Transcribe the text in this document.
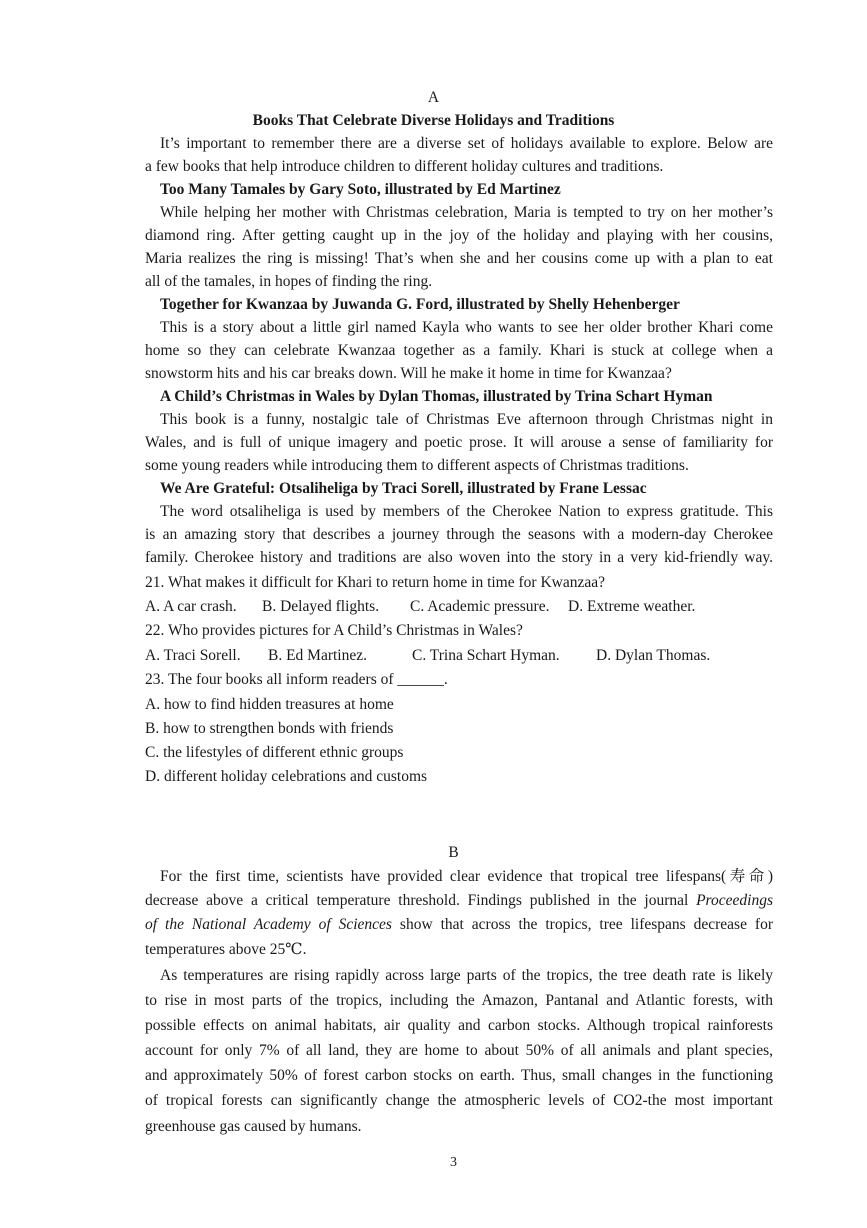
A
Books That Celebrate Diverse Holidays and Traditions
It’s important to remember there are a diverse set of holidays available to explore. Below are
a few books that help introduce children to different holiday cultures and traditions.
Too Many Tamales by Gary Soto, illustrated by Ed Martinez
While helping her mother with Christmas celebration, Maria is tempted to try on her mother’s
diamond ring. After getting caught up in the joy of the holiday and playing with her cousins,
Maria realizes the ring is missing! That’s when she and her cousins come up with a plan to eat
all of the tamales, in hopes of finding the ring.
Together for Kwanzaa by Juwanda G. Ford, illustrated by Shelly Hehenberger
This is a story about a little girl named Kayla who wants to see her older brother Khari come
home so they can celebrate Kwanzaa together as a family. Khari is stuck at college when a
snowstorm hits and his car breaks down. Will he make it home in time for Kwanzaa?
A Child’s Christmas in Wales by Dylan Thomas, illustrated by Trina Schart Hyman
This book is a funny, nostalgic tale of Christmas Eve afternoon through Christmas night in
Wales, and is full of unique imagery and poetic prose. It will arouse a sense of familiarity for
some young readers while introducing them to different aspects of Christmas traditions.
We Are Grateful: Otsaliheliga by Traci Sorell, illustrated by Frane Lessac
The word otsaliheliga is used by members of the Cherokee Nation to express gratitude. This
is an amazing story that describes a journey through the seasons with a modern-day Cherokee
family. Cherokee history and traditions are also woven into the story in a very kid-friendly way.
21. What makes it difficult for Khari to return home in time for Kwanzaa?
A. A car crash. B. Delayed flights. C. Academic pressure. D. Extreme weather.
22. Who provides pictures for A Child’s Christmas in Wales?
A. Traci Sorell. B. Ed Martinez.	C. Trina Schart Hyman. D. Dylan Thomas.
23. The four books all inform readers of ______.
A. how to find hidden treasures at home
B. how to strengthen bonds with friends
C. the lifestyles of different ethnic groups
D. different holiday celebrations and customs
B
For the first time, scientists have provided clear evidence that tropical tree lifespans(寿命)
decrease above a critical temperature threshold. Findings published in the journal Proceedings
of the National Academy of Sciences show that across the tropics, tree lifespans decrease for
temperatures above 25℃.
As temperatures are rising rapidly across large parts of the tropics, the tree death rate is likely
to rise in most parts of the tropics, including the Amazon, Pantanal and Atlantic forests, with
possible effects on animal habitats, air quality and carbon stocks. Although tropical rainforests
account for only 7% of all land, they are home to about 50% of all animals and plant species,
and approximately 50% of forest carbon stocks on earth. Thus, small changes in the functioning
of tropical forests can significantly change the atmospheric levels of CO2-the most important
greenhouse gas caused by humans.
3
